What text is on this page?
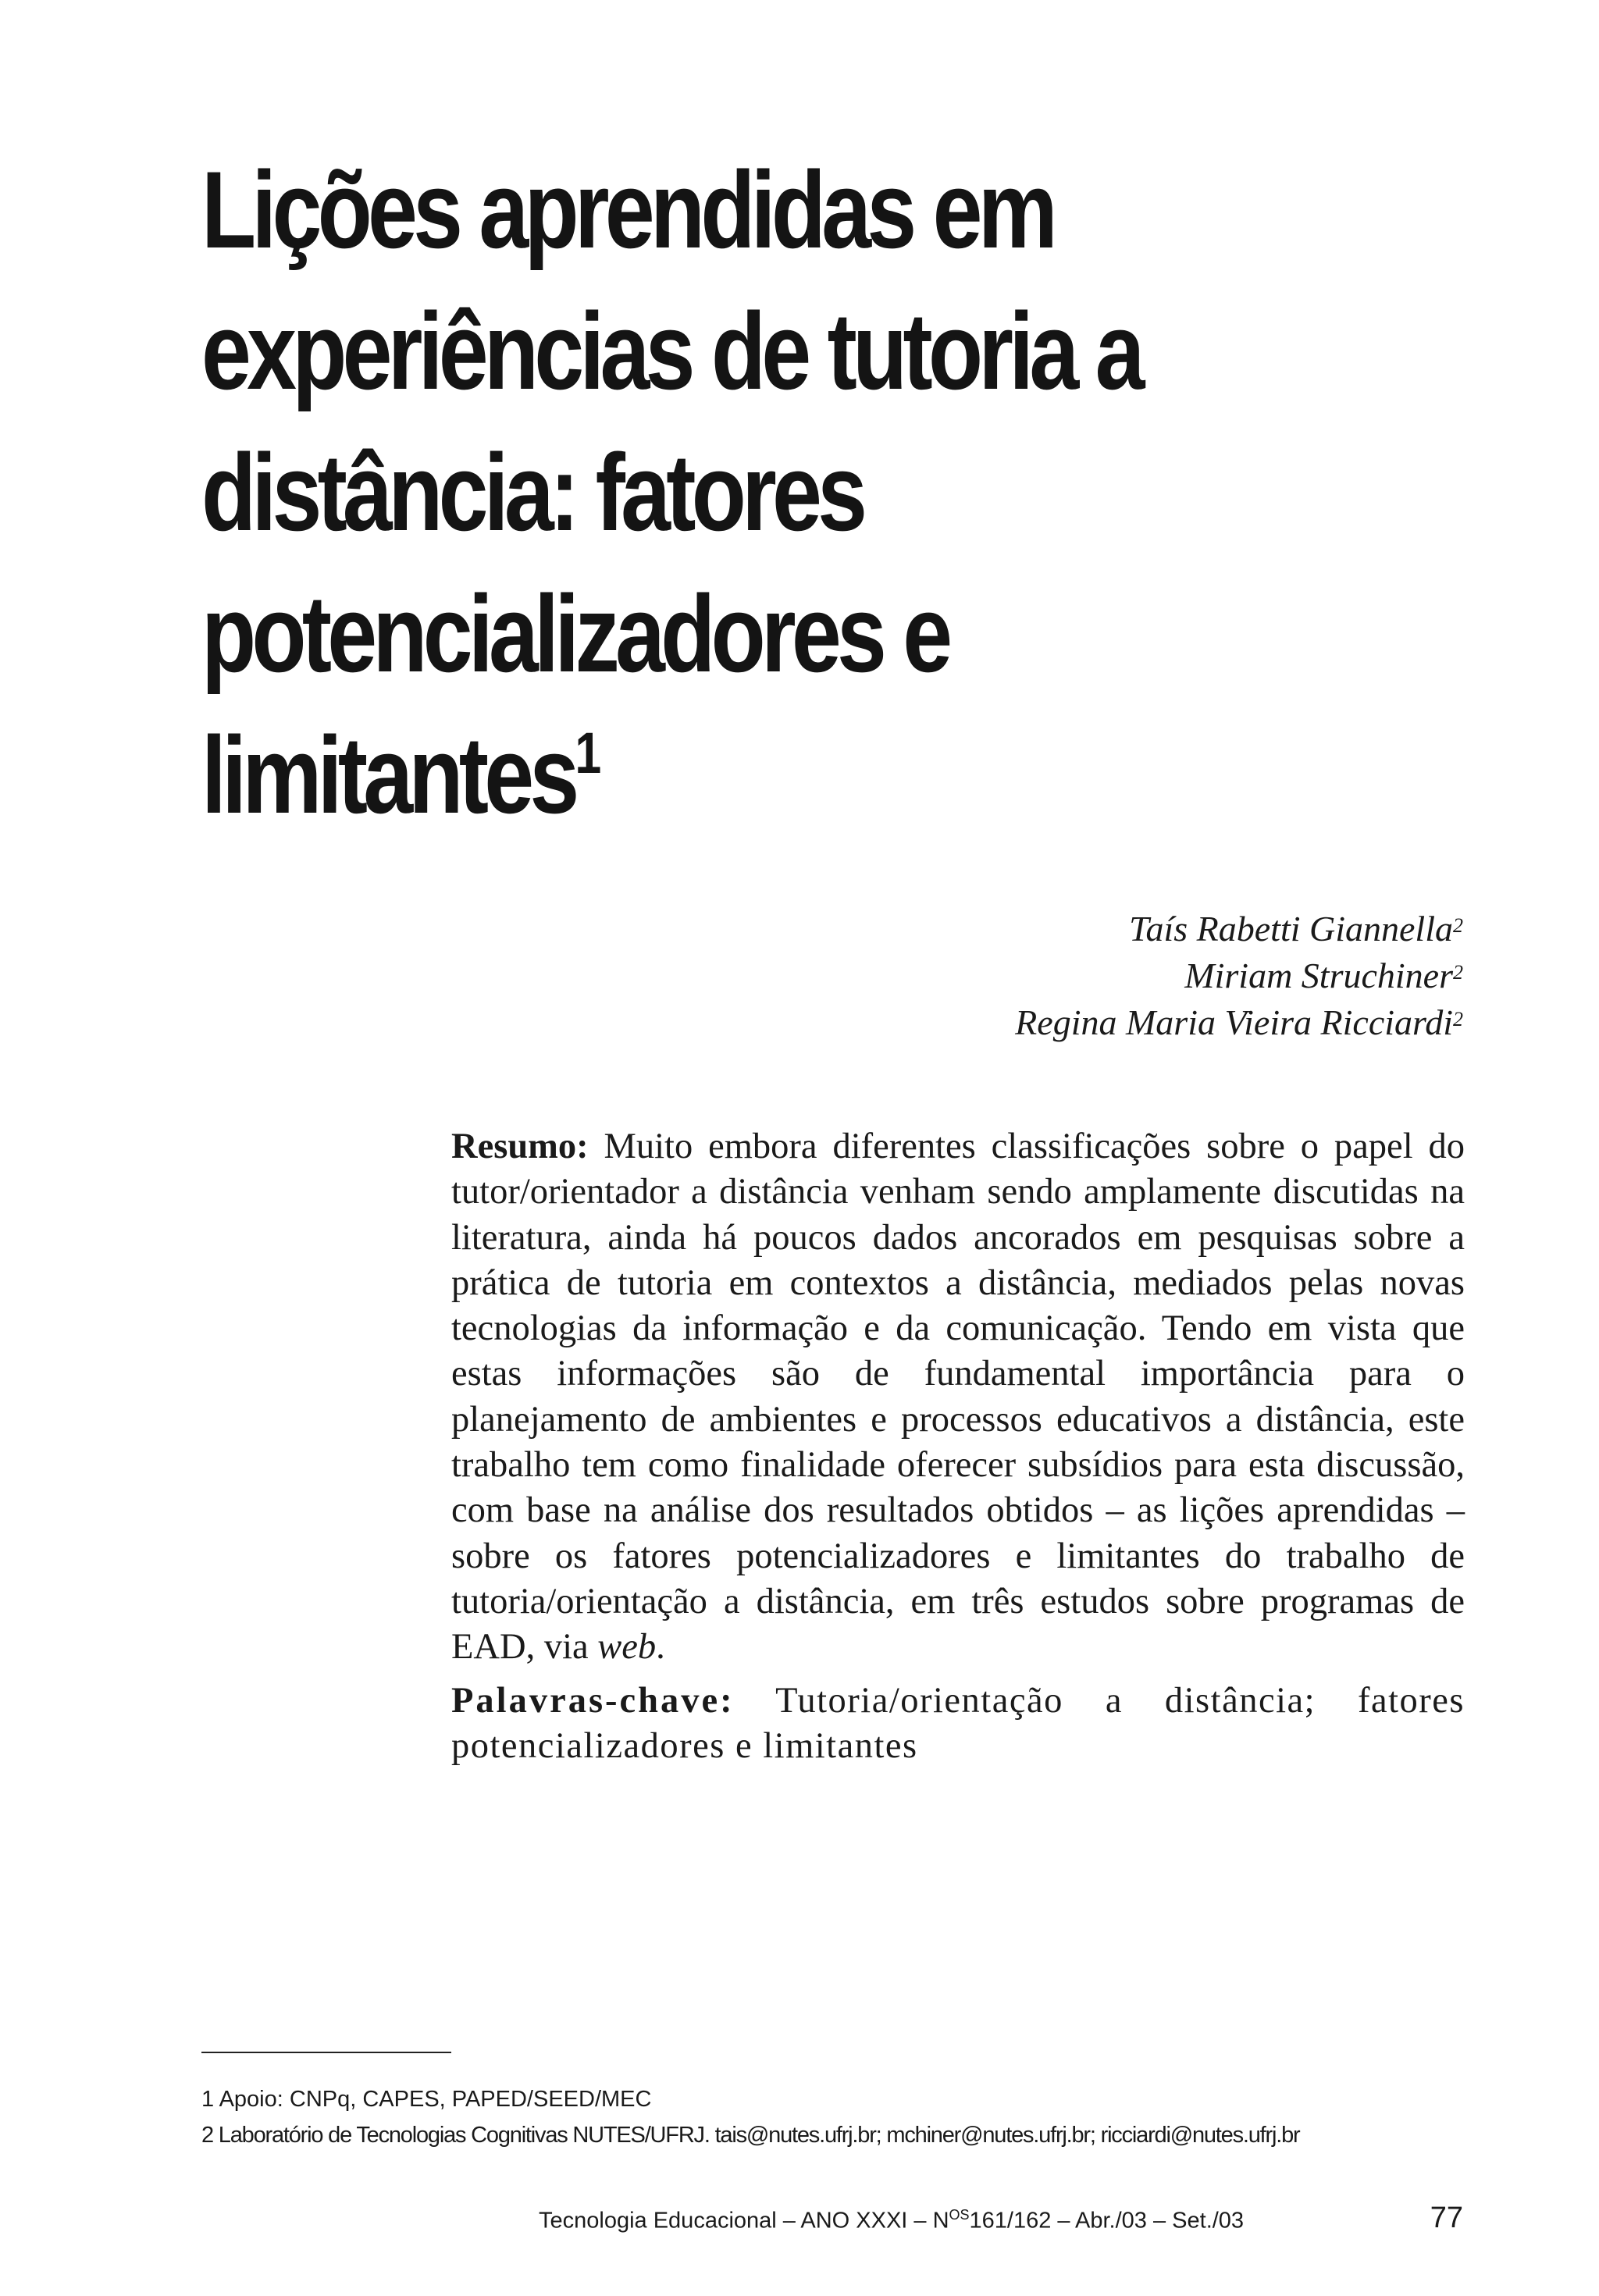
Lições aprendidas em
experiências de tutoria a
distância: fatores
potencializadores e
limitantes$^1$
Taís Rabetti Giannella$^2$
Miriam Struchiner$^2$
Regina Maria Vieira Ricciardi$^2$

Resumo: Muito embora diferentes classificações sobre o papel do tutor/orientador a distância venham sendo amplamente discutidas na literatura, ainda há poucos dados ancorados em pesquisas sobre a prática de tutoria em contextos a distância, mediados pelas novas tecnologias da informação e da comunicação. Tendo em vista que estas informações são de fundamental importância para o planejamento de ambientes e processos educativos a distância, este trabalho tem como finalidade oferecer subsídios para esta discussão, com base na análise dos resultados obtidos – as lições aprendidas – sobre os fatores potencializadores e limitantes do trabalho de tutoria/orientação a distância, em três estudos sobre programas de EAD, via web.

Palavras-chave: Tutoria/orientação a distância; fatores potencializadores e limitantes

1 Apoio: CNPq, CAPES, PAPED/SEED/MEC
2 Laboratório de Tecnologias Cognitivas NUTES/UFRJ. tais@nutes.ufrj.br; mchiner@nutes.ufrj.br; ricciardi@nutes.ufrj.br
Tecnologia Educacional – ANO XXXI – $N^{OS}161/162 - Abr./03 - Set./03$	77
